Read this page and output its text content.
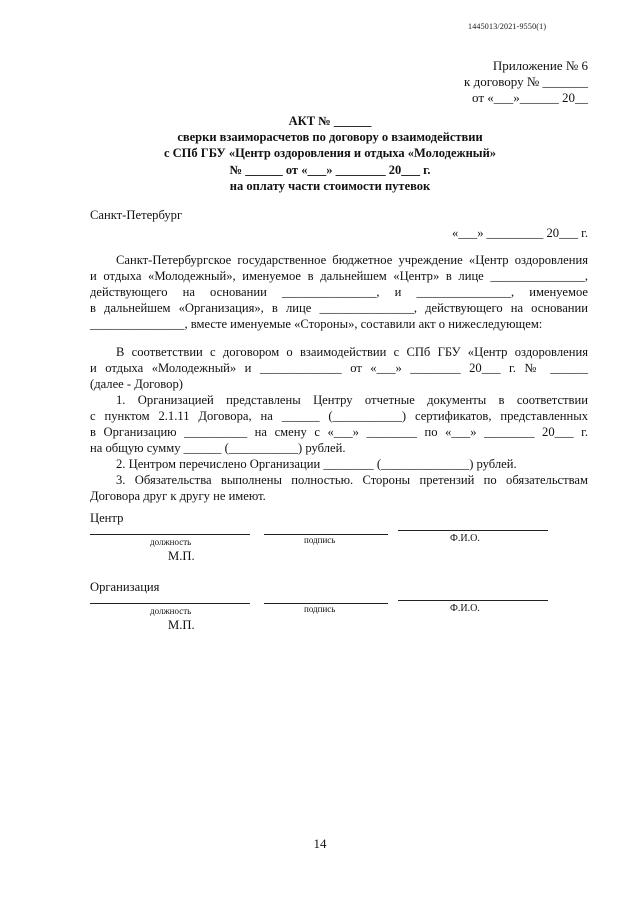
1445013/2021-9550(1)
Приложение № 6
к договору № _______
от «___»______ 20__
АКТ № ______
сверки взаиморасчетов по договору о взаимодействии
с СПб ГБУ «Центр оздоровления и отдыха «Молодежный»
№ ______ от «___» ________ 20___ г.
на оплату части стоимости путевок
Санкт-Петербург
«___» _________ 20___ г.
Санкт-Петербургское государственное бюджетное учреждение «Центр оздоровления
и отдыха «Молодежный», именуемое в дальнейшем «Центр» в лице _______________,
действующего на основании _______________, и _______________, именуемое
в дальнейшем «Организация», в лице _______________, действующего на основании
_______________, вместе именуемые «Стороны», составили акт о нижеследующем:
В соответствии с договором о взаимодействии с СПб ГБУ «Центр оздоровления
и отдыха «Молодежный» и _____________ от «___» ________ 20___ г. № ______
(далее - Договор)
1. Организацией представлены Центру отчетные документы в соответствии
с пунктом 2.1.11 Договора, на ______ (___________) сертификатов, представленных
в Организацию __________ на смену с «___» ________ по «___» ________ 20___ г.
на общую сумму ______ (___________) рублей.
2. Центром перечислено Организации ________ (______________) рублей.
3. Обязательства выполнены полностью. Стороны претензий по обязательствам
Договора друг к другу не имеют.
Центр
должность	подпись	Ф.И.О.
М.П.
Организация
должность	подпись	Ф.И.О.
М.П.
14
